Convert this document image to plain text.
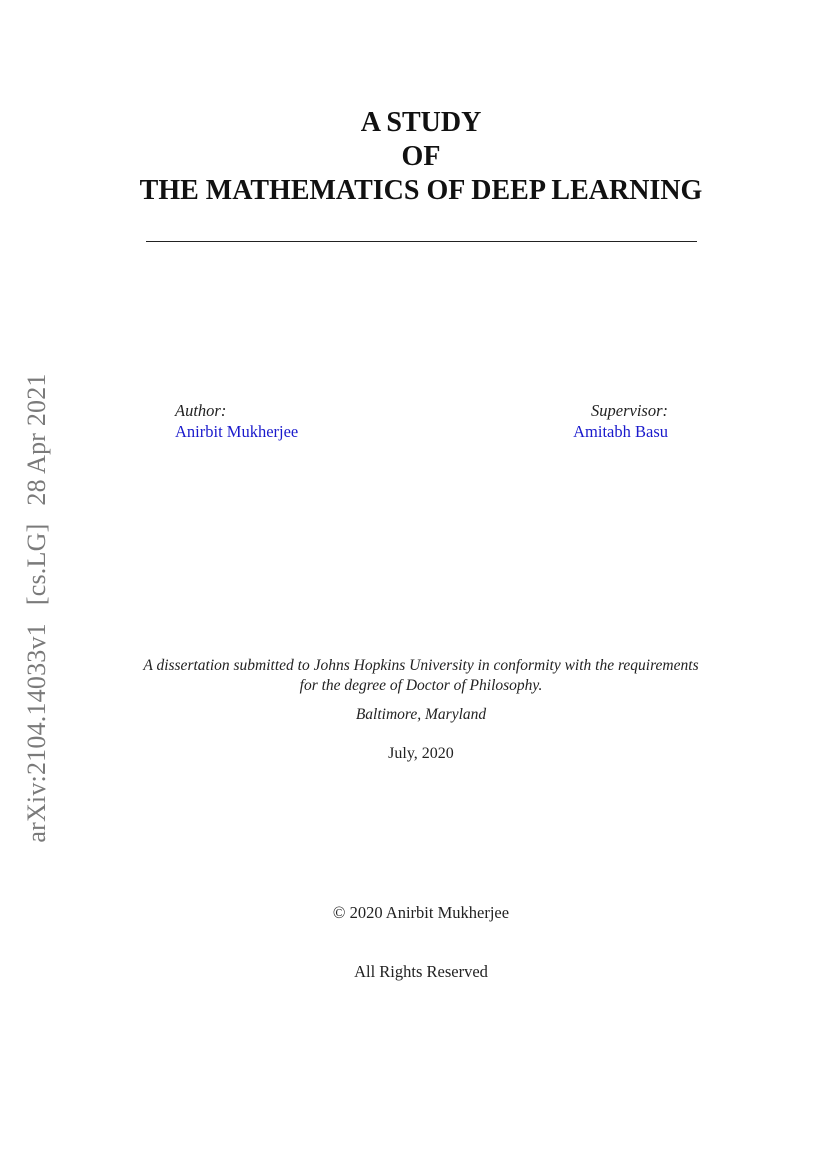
arXiv:2104.14033v1[cs.LG]28 Apr 2021
A STUDY
OF
THE MATHEMATICS OF DEEP LEARNING
Author:
Anirbit Mukherjee
Supervisor:
Amitabh Basu
A dissertation submitted to Johns Hopkins University in conformity with the requirements
for the degree of Doctor of Philosophy.
Baltimore, Maryland
July, 2020
© 2020 Anirbit Mukherjee
All Rights Reserved
